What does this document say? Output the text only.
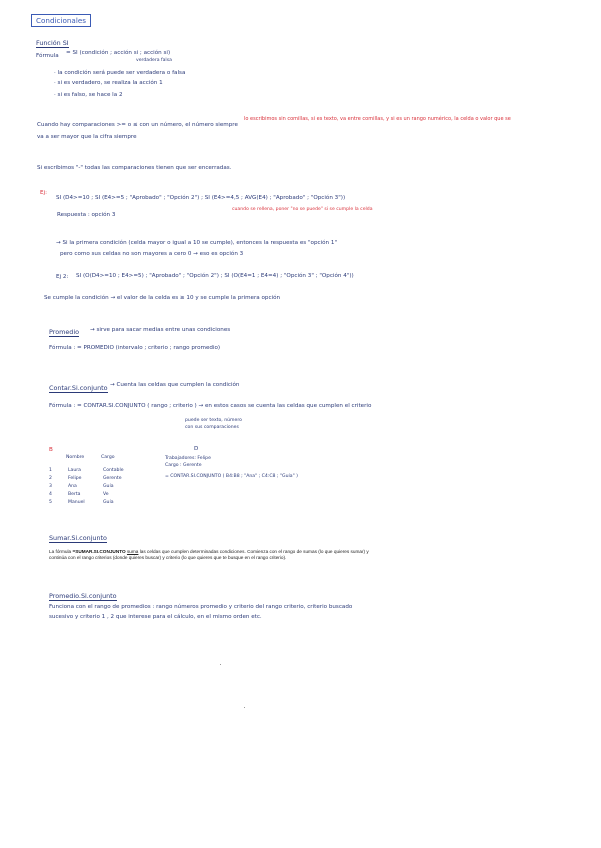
Condicionales
Función SI
Fórmula = SI (condición ; acción si ; acción si)
verdadera falsa
· la condición será puede ser verdadera o falsa
· si es verdadero, se realiza la acción 1
· si es falso, se hace la 2
Cuando hay comparaciones >= o ≤ con un número, el número siempre
lo escribimos sin comillas, si es texto, va entre comillas, y si es un rango numérico, la celda o valor que se
va a ser mayor que la cifra siempre
Si escribimos "-" todas las comparaciones tienen que ser encerradas.
Ej:
SI (D4>=10 ; SI (E4>=5 ; "Aprobado" ; "Opción 2") ; SI (E4>=4,5 ; AVG(E4) ; "Aprobado" ; "Opción 3"))
cuando se rellena, poner "no se puede" si se cumple la celda
Respuesta : opción 3
→ Si la primera condición (celda mayor o igual a 10 se cumple), entonces la respuesta es "opción 1"
pero como sus celdas no son mayores a cero 0 → eso es opción 3
Ej 2: SI (O(D4>=10 ; E4>=5) ; "Aprobado" ; "Opción 2") ; SI (O(E4=1 ; E4=4) ; "Opción 3" ; "Opción 4"))
Se cumple la condición → el valor de la celda es ≥ 10 y se cumple la primera opción
Promedio → sirve para sacar medias entre unas condiciones
Fórmula : = PROMEDIO (intervalo ; criterio ; rango promedio)
Contar.Si.conjunto → Cuenta las celdas que cumplen la condición
Fórmula : = CONTAR.SI.CONJUNTO ( rango ; criterio ) → en estos casos se cuenta las celdas que cumplen el criterio
puede ser texto, número
con sus comparaciones
B
Nombre	Cargo
1	Laura	Contable
2	Felipe	Gerente
3	Ana	Guía
4	Berta	Ve
5	Manuel	Guía
D
Trabajadores: Felipe
Cargo : Gerente
= CONTAR.SI.CONJUNTO ( B4:B8 ; "Ana" ; C4:C8 ; "Guía" )
Sumar.Si.conjunto
La fórmula =SUMAR.SI.CONJUNTO suma las celdas que cumplen determinadas condiciones. Comienza con el rango de sumas (lo que quieres sumar) y continúa con el rango criterios (donde quieres buscar) y criterio (lo que quieres que te busque en el rango criterio).
Promedio.Si.conjunto
Funciona con el rango de promedios : rango números promedio y criterio del rango criterio, criterio buscado
sucesivo y criterio 1 , 2 que interese para el cálculo, en el mismo orden etc.
